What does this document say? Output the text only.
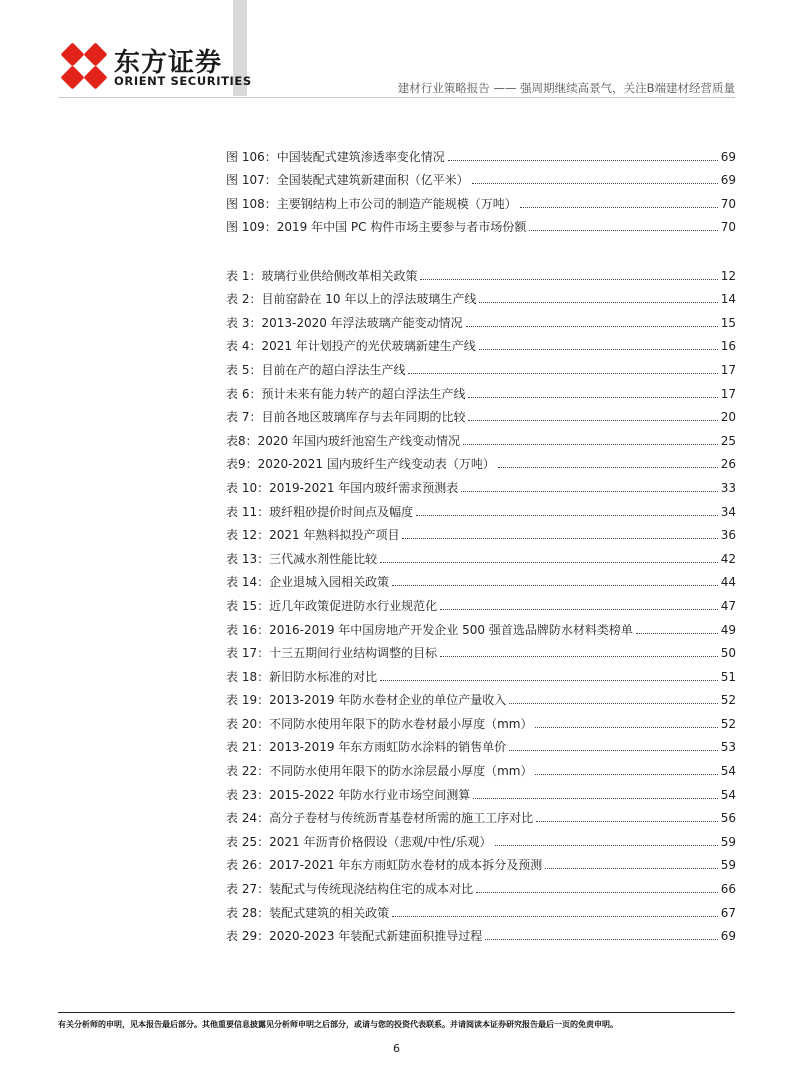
东方证券
ORIENT SECURITIES	建材行业策略报告 —— 强周期继续高景气，关注B端建材经营质量
图 106：中国装配式建筑渗透率变化情况	69
图 107：全国装配式建筑新建面积（亿平米）	69
图 108：主要钢结构上市公司的制造产能规模（万吨）	70
图 109：2019 年中国 PC 构件市场主要参与者市场份额	70
表 1：玻璃行业供给侧改革相关政策	12
表 2：目前窑龄在 10 年以上的浮法玻璃生产线	14
表 3：2013-2020 年浮法玻璃产能变动情况	15
表 4：2021 年计划投产的光伏玻璃新建生产线	16
表 5：目前在产的超白浮法生产线	17
表 6：预计未来有能力转产的超白浮法生产线	17
表 7：目前各地区玻璃库存与去年同期的比较	20
表8：2020 年国内玻纤池窑生产线变动情况	25
表9：2020-2021 国内玻纤生产线变动表（万吨）	26
表 10：2019-2021 年国内玻纤需求预测表	33
表 11：玻纤粗砂提价时间点及幅度	34
表 12：2021 年熟料拟投产项目	36
表 13：三代减水剂性能比较	42
表 14：企业退城入园相关政策	44
表 15：近几年政策促进防水行业规范化	47
表 16：2016-2019 年中国房地产开发企业 500 强首选品牌防水材料类榜单	49
表 17：十三五期间行业结构调整的目标	50
表 18：新旧防水标准的对比	51
表 19：2013-2019 年防水卷材企业的单位产量收入	52
表 20：不同防水使用年限下的防水卷材最小厚度（mm）	52
表 21：2013-2019 年东方雨虹防水涂料的销售单价	53
表 22：不同防水使用年限下的防水涂层最小厚度（mm）	54
表 23：2015-2022 年防水行业市场空间测算	54
表 24：高分子卷材与传统沥青基卷材所需的施工工序对比	56
表 25：2021 年沥青价格假设（悲观/中性/乐观）	59
表 26：2017-2021 年东方雨虹防水卷材的成本拆分及预测	59
表 27：装配式与传统现浇结构住宅的成本对比	66
表 28：装配式建筑的相关政策	67
表 29：2020-2023 年装配式新建面积推导过程	69
有关分析师的申明，见本报告最后部分。其他重要信息披露见分析师申明之后部分，或请与您的投资代表联系。并请阅读本证券研究报告最后一页的免责申明。
6
